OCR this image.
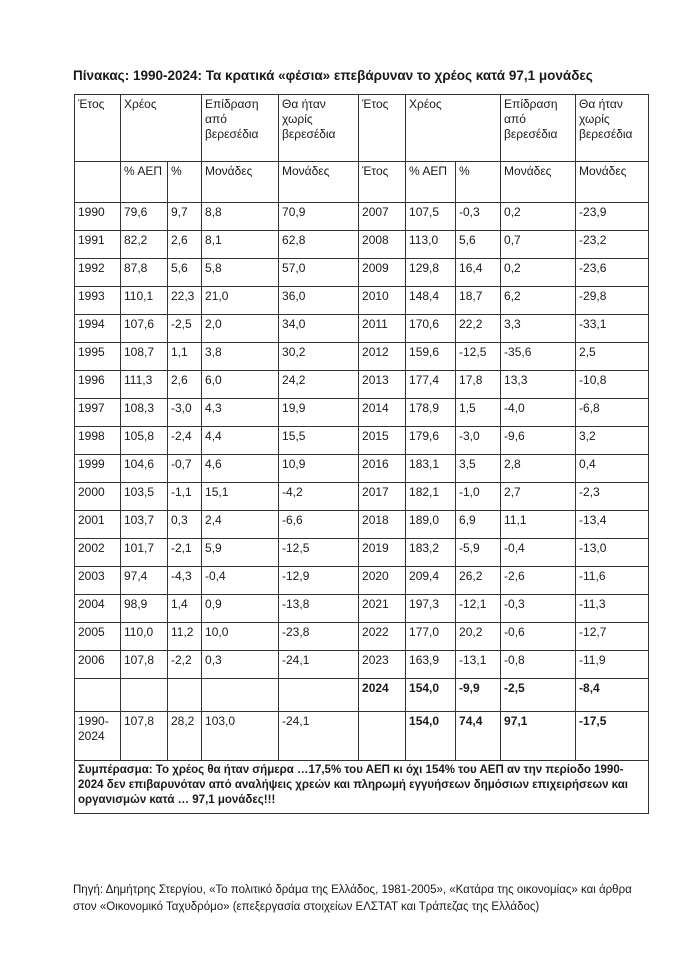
Πίνακας: 1990-2024: Τα κρατικά «φέσια» επεβάρυναν το χρέος κατά 97,1 μονάδες
Έτος	Χρέος		Επίδραση από βερεσέδια	Θα ήταν χωρίς βερεσέδια	Έτος	Χρέος		Επίδραση από βερεσέδια	Θα ήταν χωρίς βερεσέδια
	% ΑΕΠ	%	Μονάδες	Μονάδες	Έτος	% ΑΕΠ	%	Μονάδες	Μονάδες
1990	79,6	9,7	8,8	70,9	2007	107,5	-0,3	0,2	-23,9
1991	82,2	2,6	8,1	62,8	2008	113,0	5,6	0,7	-23,2
1992	87,8	5,6	5,8	57,0	2009	129,8	16,4	0,2	-23,6
1993	110,1	22,3	21,0	36,0	2010	148,4	18,7	6,2	-29,8
1994	107,6	-2,5	2,0	34,0	2011	170,6	22,2	3,3	-33,1
1995	108,7	1,1	3,8	30,2	2012	159,6	-12,5	-35,6	2,5
1996	111,3	2,6	6,0	24,2	2013	177,4	17,8	13,3	-10,8
1997	108,3	-3,0	4,3	19,9	2014	178,9	1,5	-4,0	-6,8
1998	105,8	-2,4	4,4	15,5	2015	179,6	-3,0	-9,6	3,2
1999	104,6	-0,7	4,6	10,9	2016	183,1	3,5	2,8	0,4
2000	103,5	-1,1	15,1	-4,2	2017	182,1	-1,0	2,7	-2,3
2001	103,7	0,3	2,4	-6,6	2018	189,0	6,9	11,1	-13,4
2002	101,7	-2,1	5,9	-12,5	2019	183,2	-5,9	-0,4	-13,0
2003	97,4	-4,3	-0,4	-12,9	2020	209,4	26,2	-2,6	-11,6
2004	98,9	1,4	0,9	-13,8	2021	197,3	-12,1	-0,3	-11,3
2005	110,0	11,2	10,0	-23,8	2022	177,0	20,2	-0,6	-12,7
2006	107,8	-2,2	0,3	-24,1	2023	163,9	-13,1	-0,8	-11,9
					2024	154,0	-9,9	-2,5	-8,4
1990-2024	107,8	28,2	103,0	-24,1		154,0	74,4	97,1	-17,5
Συμπέρασμα: Το χρέος θα ήταν σήμερα …17,5% του ΑΕΠ κι όχι 154% του ΑΕΠ αν την περίοδο 1990-2024 δεν επιβαρυνόταν από αναλήψεις χρεών και πληρωμή εγγυήσεων δημόσιων επιχειρήσεων και οργανισμών κατά … 97,1 μονάδες!!!									
Πηγή: Δημήτρης Στεργίου, «Το πολιτικό δράμα της Ελλάδος, 1981-2005», «Κατάρα της οικονομίας» και άρθρα στον «Οικονομικό Ταχυδρόμο» (επεξεργασία στοιχείων ΕΛΣΤΑΤ και Τράπεζας της Ελλάδος)
